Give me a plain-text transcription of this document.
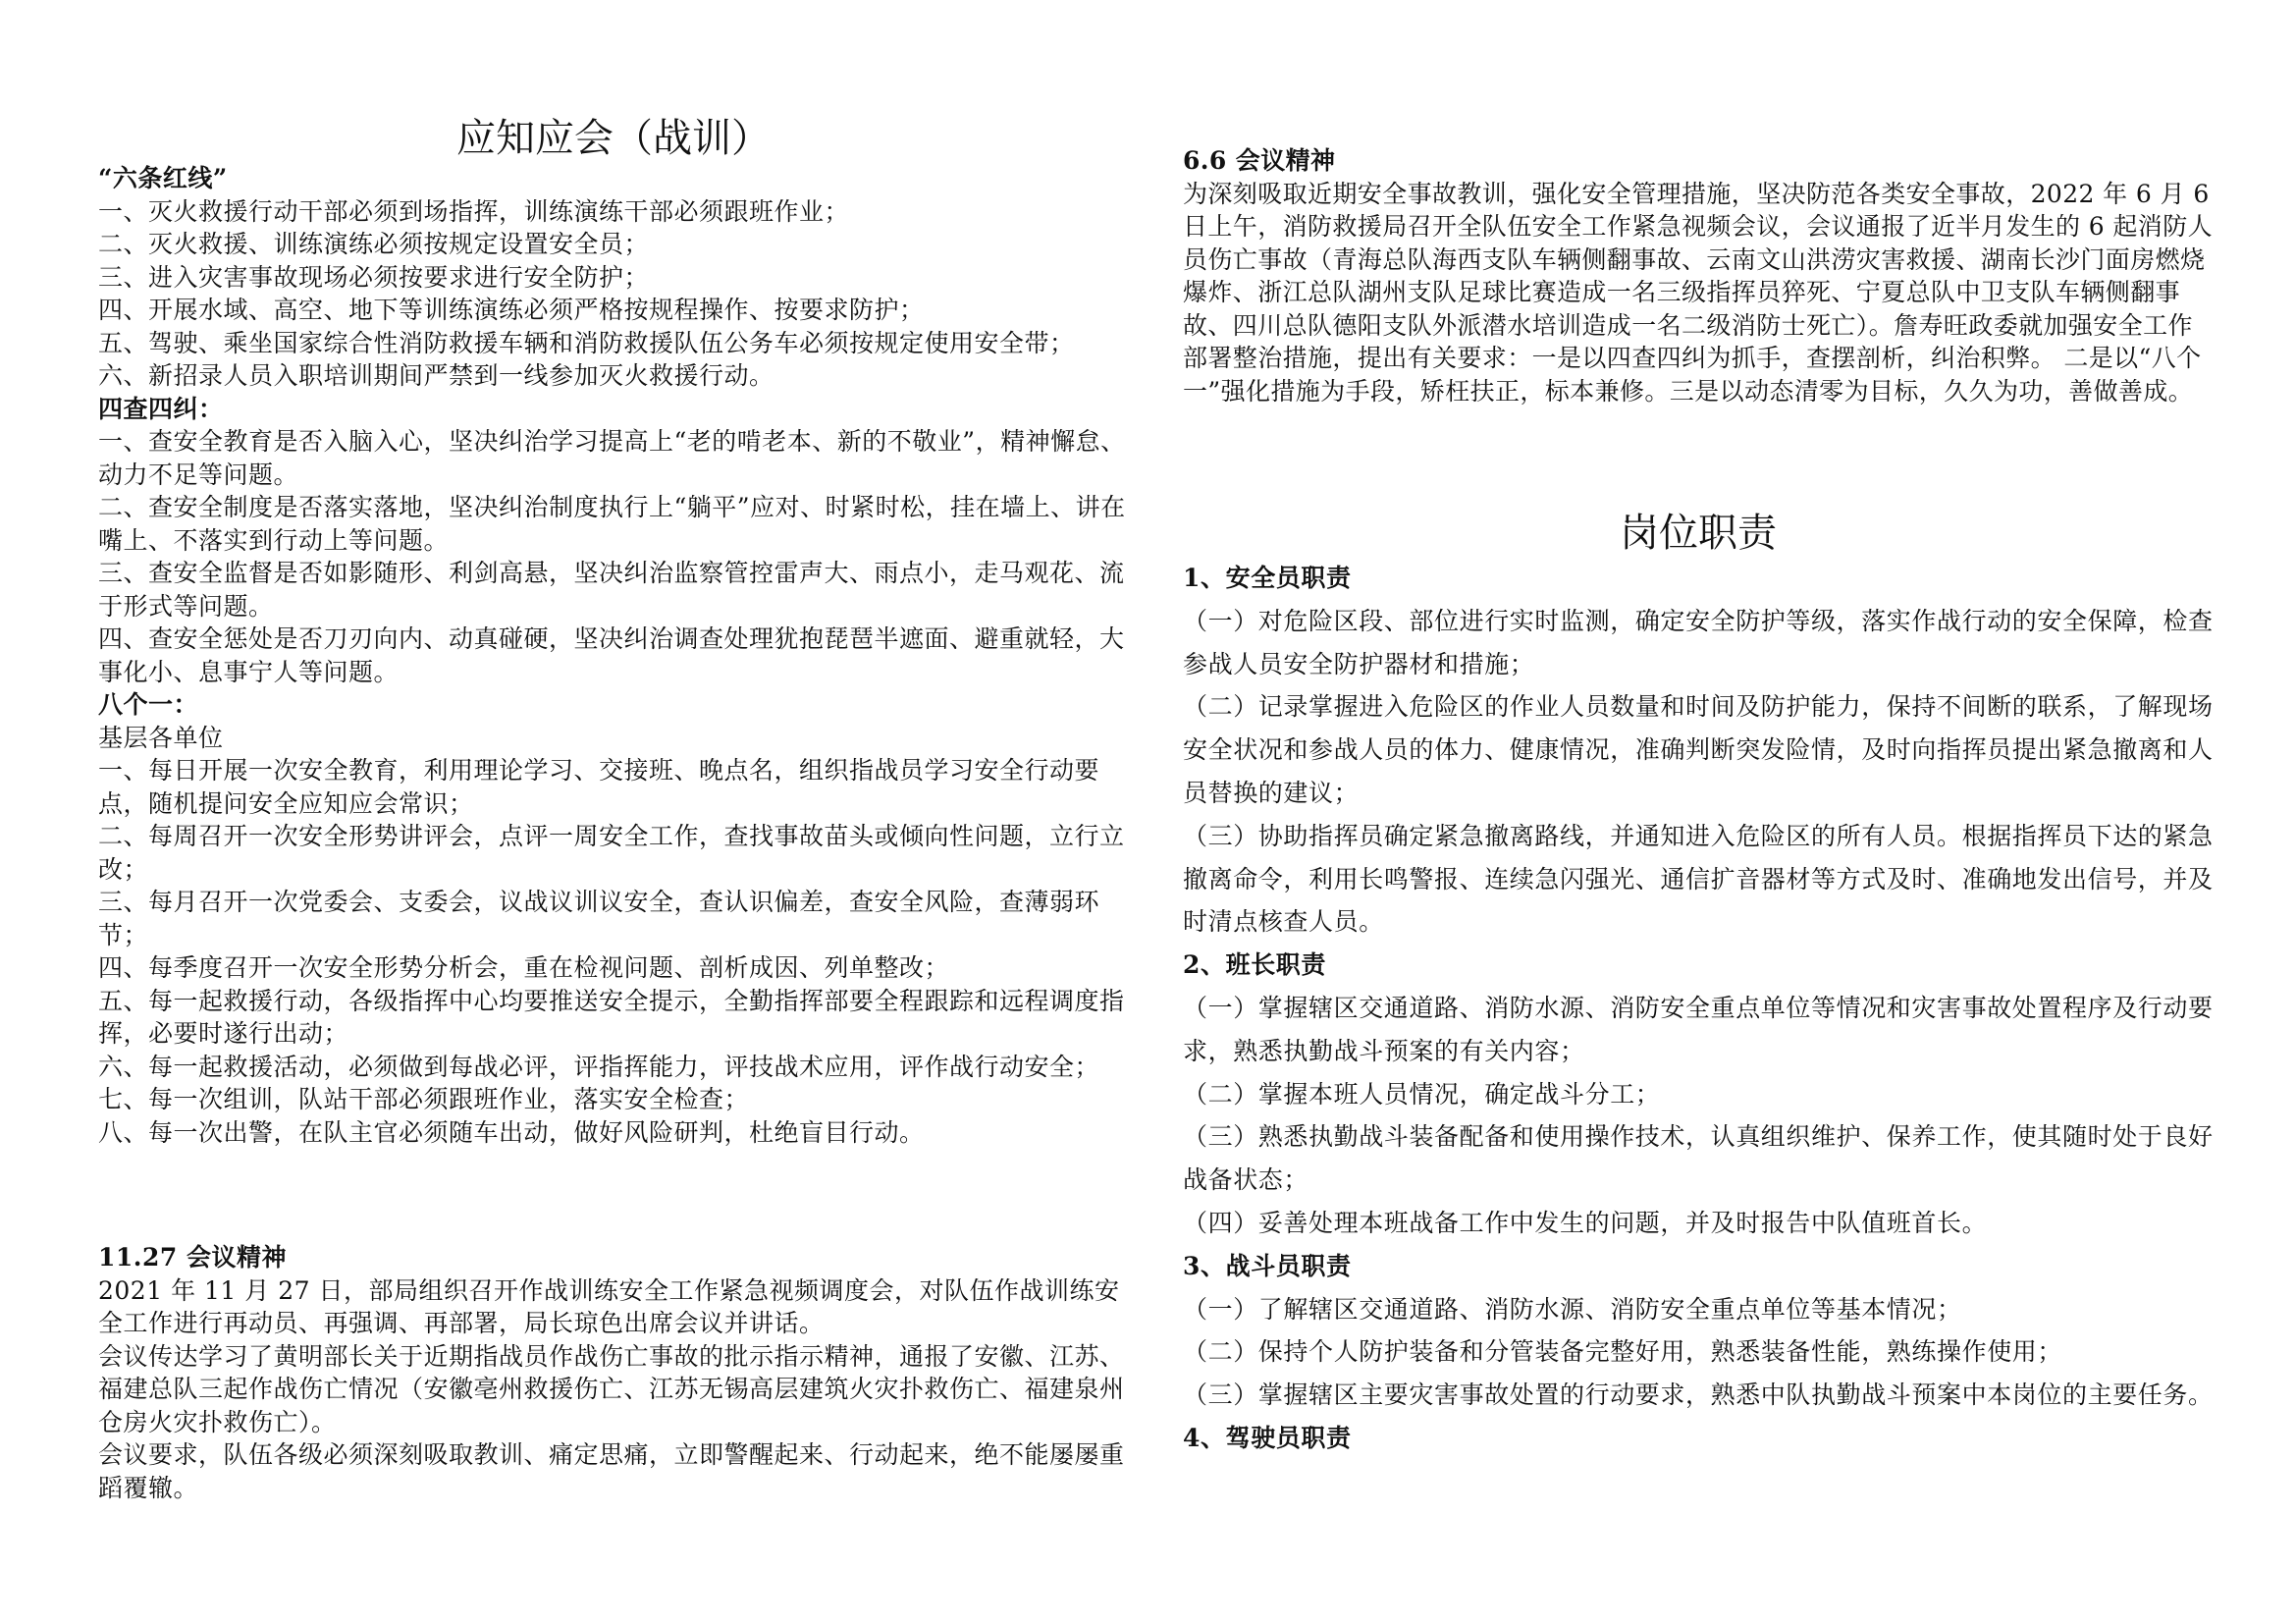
应知应会（战训）
“六条红线”

一、灭火救援行动干部必须到场指挥，训练演练干部必须跟班作业；

二、灭火救援、训练演练必须按规定设置安全员；

三、进入灾害事故现场必须按要求进行安全防护；

四、开展水域、高空、地下等训练演练必须严格按规程操作、按要求防护；

五、驾驶、乘坐国家综合性消防救援车辆和消防救援队伍公务车必须按规定使用安全带；

六、新招录人员入职培训期间严禁到一线参加灭火救援行动。

四查四纠：

一、查安全教育是否入脑入心，坚决纠治学习提高上“老的啃老本、新的不敬业”，精神懈怠、动力不足等问题。

二、查安全制度是否落实落地，坚决纠治制度执行上“躺平”应对、时紧时松，挂在墙上、讲在嘴上、不落实到行动上等问题。

三、查安全监督是否如影随形、利剑高悬，坚决纠治监察管控雷声大、雨点小，走马观花、流于形式等问题。

四、查安全惩处是否刀刃向内、动真碰硬，坚决纠治调查处理犹抱琵琶半遮面、避重就轻，大事化小、息事宁人等问题。

八个一：

基层各单位

一、每日开展一次安全教育，利用理论学习、交接班、晚点名，组织指战员学习安全行动要点，随机提问安全应知应会常识；

二、每周召开一次安全形势讲评会，点评一周安全工作，查找事故苗头或倾向性问题，立行立改；

三、每月召开一次党委会、支委会，议战议训议安全，查认识偏差，查安全风险，查薄弱环节；

四、每季度召开一次安全形势分析会，重在检视问题、剖析成因、列单整改；

五、每一起救援行动，各级指挥中心均要推送安全提示，全勤指挥部要全程跟踪和远程调度指挥，必要时遂行出动；

六、每一起救援活动，必须做到每战必评，评指挥能力，评技战术应用，评作战行动安全；

七、每一次组训，队站干部必须跟班作业，落实安全检查；

八、每一次出警，在队主官必须随车出动，做好风险研判，杜绝盲目行动。

11.27 会议精神

2021 年 11 月 27 日，部局组织召开作战训练安全工作紧急视频调度会，对队伍作战训练安全工作进行再动员、再强调、再部署，局长琼色出席会议并讲话。

会议传达学习了黄明部长关于近期指战员作战伤亡事故的批示指示精神，通报了安徽、江苏、福建总队三起作战伤亡情况（安徽亳州救援伤亡、江苏无锡高层建筑火灾扑救伤亡、福建泉州仓房火灾扑救伤亡）。

会议要求，队伍各级必须深刻吸取教训、痛定思痛，立即警醒起来、行动起来，绝不能屡屡重蹈覆辙。

6.6 会议精神

为深刻吸取近期安全事故教训，强化安全管理措施，坚决防范各类安全事故，2022 年 6 月 6 日上午，消防救援局召开全队伍安全工作紧急视频会议，会议通报了近半月发生的 6 起消防人员伤亡事故（青海总队海西支队车辆侧翻事故、云南文山洪涝灾害救援、湖南长沙门面房燃烧爆炸、浙江总队湖州支队足球比赛造成一名三级指挥员猝死、宁夏总队中卫支队车辆侧翻事故、四川总队德阳支队外派潜水培训造成一名二级消防士死亡）。詹寿旺政委就加强安全工作部署整治措施，提出有关要求：一是以四查四纠为抓手，查摆剖析，纠治积弊。 二是以“八个一”强化措施为手段，矫枉扶正，标本兼修。三是以动态清零为目标，久久为功，善做善成。

岗位职责
1、安全员职责

（一）对危险区段、部位进行实时监测，确定安全防护等级，落实作战行动的安全保障，检查参战人员安全防护器材和措施；

（二）记录掌握进入危险区的作业人员数量和时间及防护能力，保持不间断的联系，了解现场安全状况和参战人员的体力、健康情况，准确判断突发险情，及时向指挥员提出紧急撤离和人员替换的建议；

（三）协助指挥员确定紧急撤离路线，并通知进入危险区的所有人员。根据指挥员下达的紧急撤离命令，利用长鸣警报、连续急闪强光、通信扩音器材等方式及时、准确地发出信号，并及时清点核查人员。

2、班长职责

（一）掌握辖区交通道路、消防水源、消防安全重点单位等情况和灾害事故处置程序及行动要求，熟悉执勤战斗预案的有关内容；

（二）掌握本班人员情况，确定战斗分工；

（三）熟悉执勤战斗装备配备和使用操作技术，认真组织维护、保养工作，使其随时处于良好战备状态；

（四）妥善处理本班战备工作中发生的问题，并及时报告中队值班首长。

3、战斗员职责

（一）了解辖区交通道路、消防水源、消防安全重点单位等基本情况；

（二）保持个人防护装备和分管装备完整好用，熟悉装备性能，熟练操作使用；

（三）掌握辖区主要灾害事故处置的行动要求，熟悉中队执勤战斗预案中本岗位的主要任务。

4、驾驶员职责
